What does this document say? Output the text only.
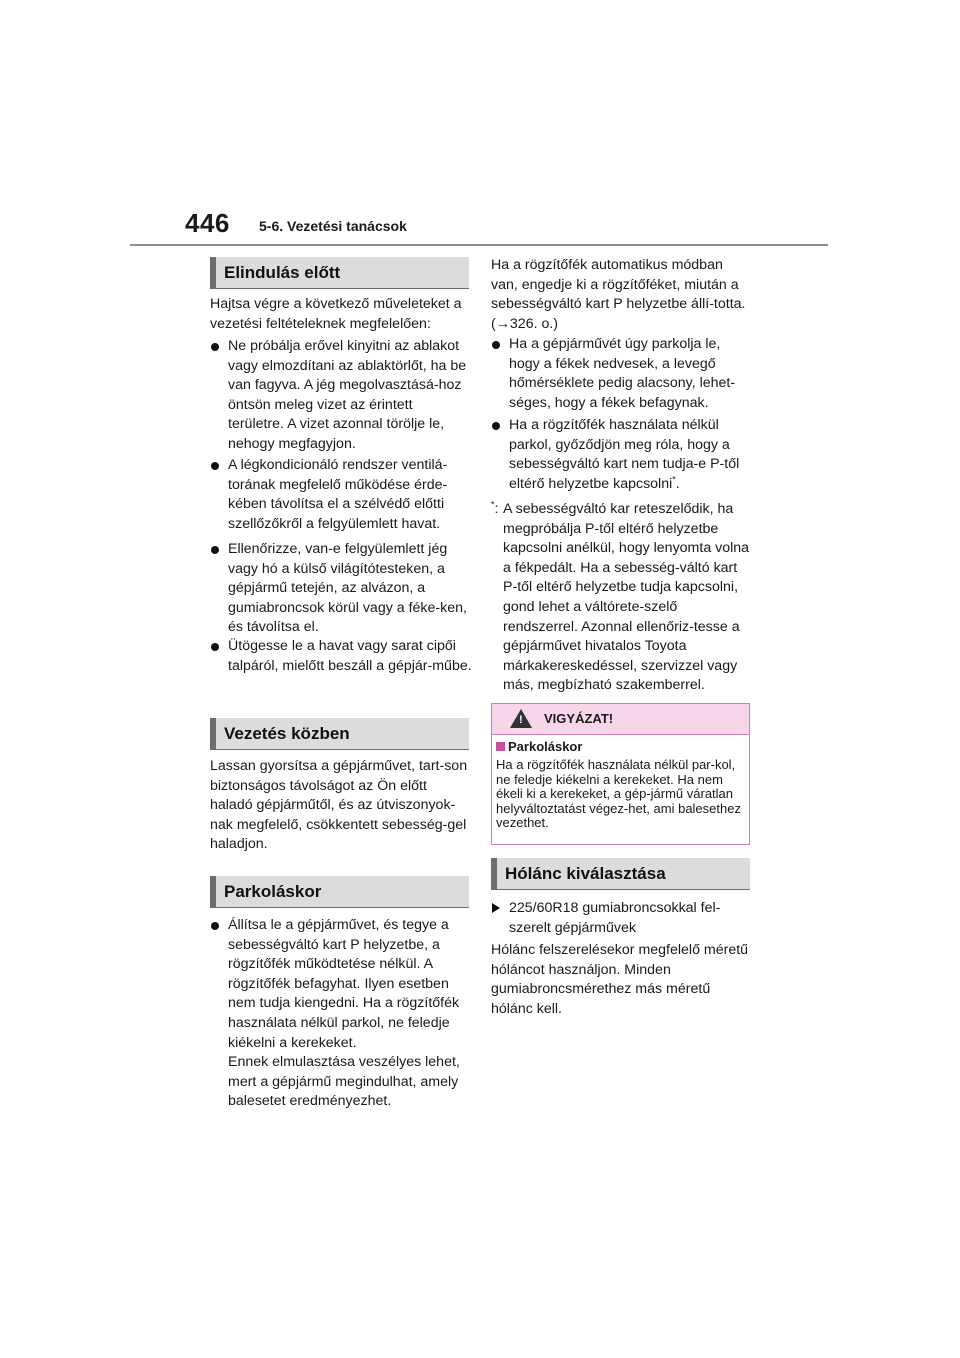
446 5-6. Vezetési tanácsok
Elindulás előtt

Hajtsa végre a következő műveleteket a vezetési feltételeknek megfelelően:

Ne próbálja erővel kinyitni az ablakot vagy elmozdítani az ablaktörlőt, ha be van fagyva. A jég megolvasztásá-hoz öntsön meleg vizet az érintett területre. A vizet azonnal törölje le, nehogy megfagyjon.
A légkondicionáló rendszer ventilá-torának megfelelő működése érde-kében távolítsa el a szélvédő előtti szellőzőkről a felgyülemlett havat.
Ellenőrizze, van-e felgyülemlett jég vagy hó a külső világítótesteken, a gépjármű tetején, az alvázon, a gumiabroncsok körül vagy a féke-ken, és távolítsa el.
Ütögesse le a havat vagy sarat cipői talpáról, mielőtt beszáll a gépjár-műbe.
Vezetés közben

Lassan gyorsítsa a gépjárművet, tart-son biztonságos távolságot az Ön előtt haladó gépjárműtől, és az útviszonyok-nak megfelelő, csökkentett sebesség-gel haladjon.

Parkoláskor
Állítsa le a gépjárművet, és tegye a sebességváltó kart P helyzetbe, a rögzítőfék működtetése nélkül. A rögzítőfék befagyhat. Ilyen esetben nem tudja kiengedni. Ha a rögzítőfék használata nélkül parkol, ne feledje kiékelni a kerekeket.
Ennek elmulasztása veszélyes lehet, mert a gépjármű megindulhat, amely balesetet eredményezhet.

Ha a rögzítőfék automatikus módban van, engedje ki a rögzítőféket, miután a sebességváltó kart P helyzetbe állí-totta. (→326. o.)

Ha a gépjárművét úgy parkolja le, hogy a fékek nedvesek, a levegő hőmérséklete pedig alacsony, lehet-séges, hogy a fékek befagynak.
Ha a rögzítőfék használata nélkül parkol, győződjön meg róla, hogy a sebességváltó kart nem tudja-e P-től eltérő helyzetbe kapcsolni*.
*: A sebességváltó kar reteszelődik, ha megpróbálja P-től eltérő helyzetbe kapcsolni anélkül, hogy lenyomta volna a fékpedált. Ha a sebesség-váltó kart P-től eltérő helyzetbe tudja kapcsolni, gond lehet a váltórete-szelő rendszerrel. Azonnal ellenőriz-tesse a gépjárművet hivatalos Toyota márkakereskedéssel, szervizzel vagy más, megbízható szakemberrel.
! VIGYÁZAT!
Parkoláskor
Ha a rögzítőfék használata nélkül par-kol, ne feledje kiékelni a kerekeket. Ha nem ékeli ki a kerekeket, a gép-jármű váratlan helyváltoztatást végez-het, ami balesethez vezethet.
Hólánc kiválasztása
225/60R18 gumiabroncsokkal fel-szerelt gépjárművek

Hólánc felszerelésekor megfelelő méretű hóláncot használjon. Minden gumiabroncsmérethez más méretű hólánc kell.
